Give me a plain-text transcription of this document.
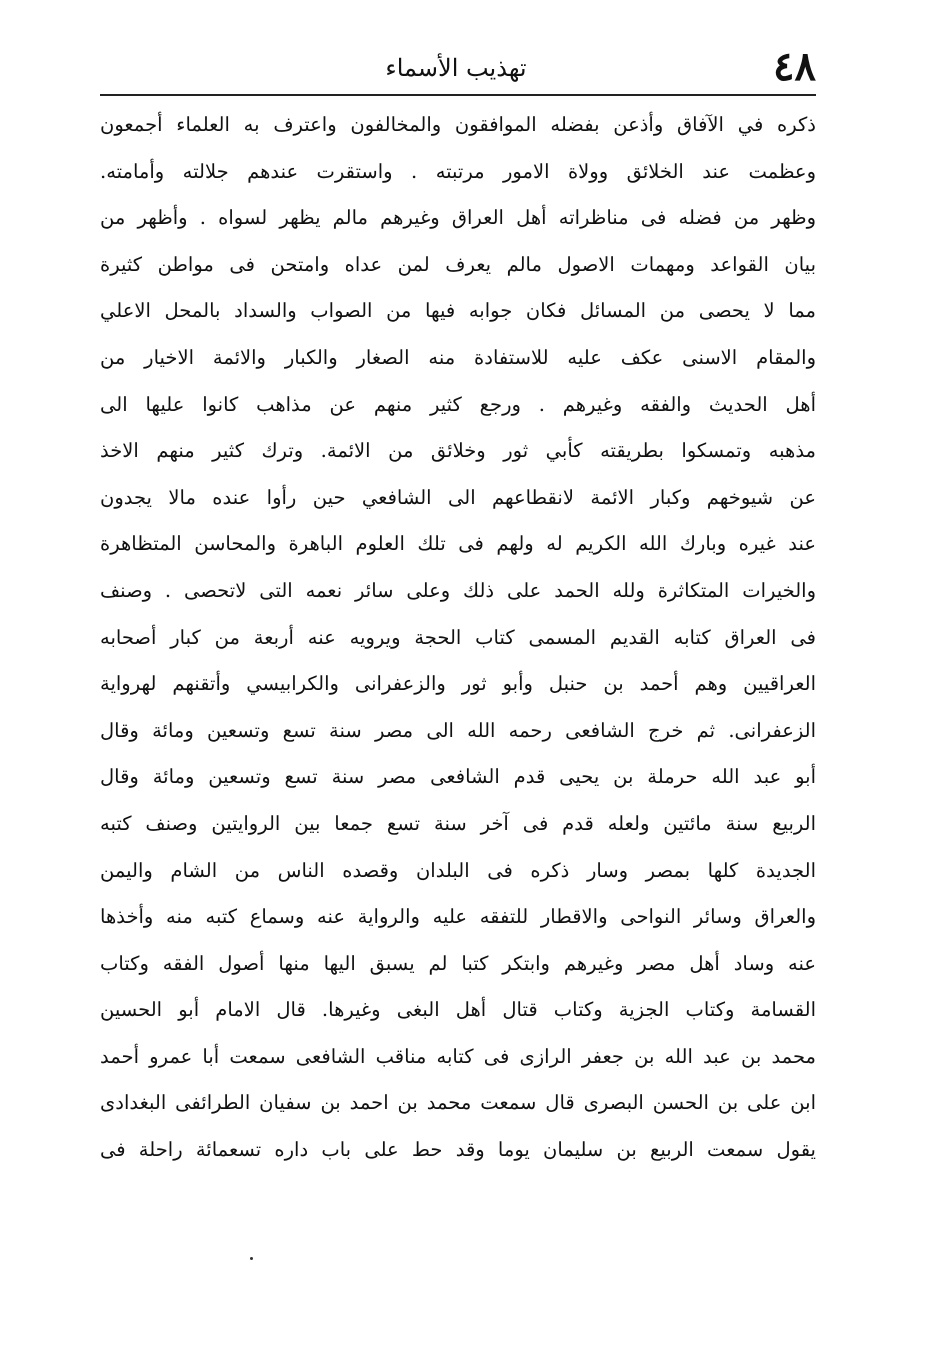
٤٨
تهذيب الأسماء
ذكره في الآفاق وأذعن بفضله الموافقون والمخالفون واعترف به العلماء أجمعون
وعظمت عند الخلائق وولاة الامور مرتبته . واستقرت عندهم جلالته وأمامته.
وظهر من فضله فى مناظراته أهل العراق وغيرهم مالم يظهر لسواه . وأظهر من
بيان القواعد ومهمات الاصول مالم يعرف لمن عداه وامتحن فى مواطن كثيرة
مما لا يحصى من المسائل فكان جوابه فيها من الصواب والسداد بالمحل الاعلي
والمقام الاسنى عكف عليه للاستفادة منه الصغار والكبار والائمة الاخيار من
أهل الحديث والفقه وغيرهم . ورجع كثير منهم عن مذاهب كانوا عليها الى
مذهبه وتمسكوا بطريقته كأبي ثور وخلائق من الائمة. وترك كثير منهم الاخذ
عن شيوخهم وكبار الائمة لانقطاعهم الى الشافعي حين رأوا عنده مالا يجدون
عند غيره وبارك الله الكريم له ولهم فى تلك العلوم الباهرة والمحاسن المتظاهرة
والخيرات المتكاثرة ولله الحمد على ذلك وعلى سائر نعمه التى لاتحصى . وصنف
فى العراق كتابه القديم المسمى كتاب الحجة ويرويه عنه أربعة من كبار أصحابه
العراقيين وهم أحمد بن حنبل وأبو ثور والزعفرانى والكرابيسي وأتقنهم لهرواية
الزعفرانى. ثم خرج الشافعى رحمه الله الى مصر سنة تسع وتسعين ومائة وقال
أبو عبد الله حرملة بن يحيى قدم الشافعى مصر سنة تسع وتسعين ومائة وقال
الربيع سنة مائتين ولعله قدم فى آخر سنة تسع جمعا بين الروايتين وصنف كتبه
الجديدة كلها بمصر وسار ذكره فى البلدان وقصده الناس من الشام واليمن
والعراق وسائر النواحى والاقطار للتفقه عليه والرواية عنه وسماع كتبه منه وأخذها
عنه وساد أهل مصر وغيرهم وابتكر كتبا لم يسبق اليها منها أصول الفقه وكتاب
القسامة وكتاب الجزية وكتاب قتال أهل البغى وغيرها. قال الامام أبو الحسين
محمد بن عبد الله بن جعفر الرازى فى كتابه مناقب الشافعى سمعت أبا عمرو أحمد
ابن على بن الحسن البصرى قال سمعت محمد بن احمد بن سفيان الطرائفى البغدادى
يقول سمعت الربيع بن سليمان يوما وقد حط على باب داره تسعمائة راحلة فى
